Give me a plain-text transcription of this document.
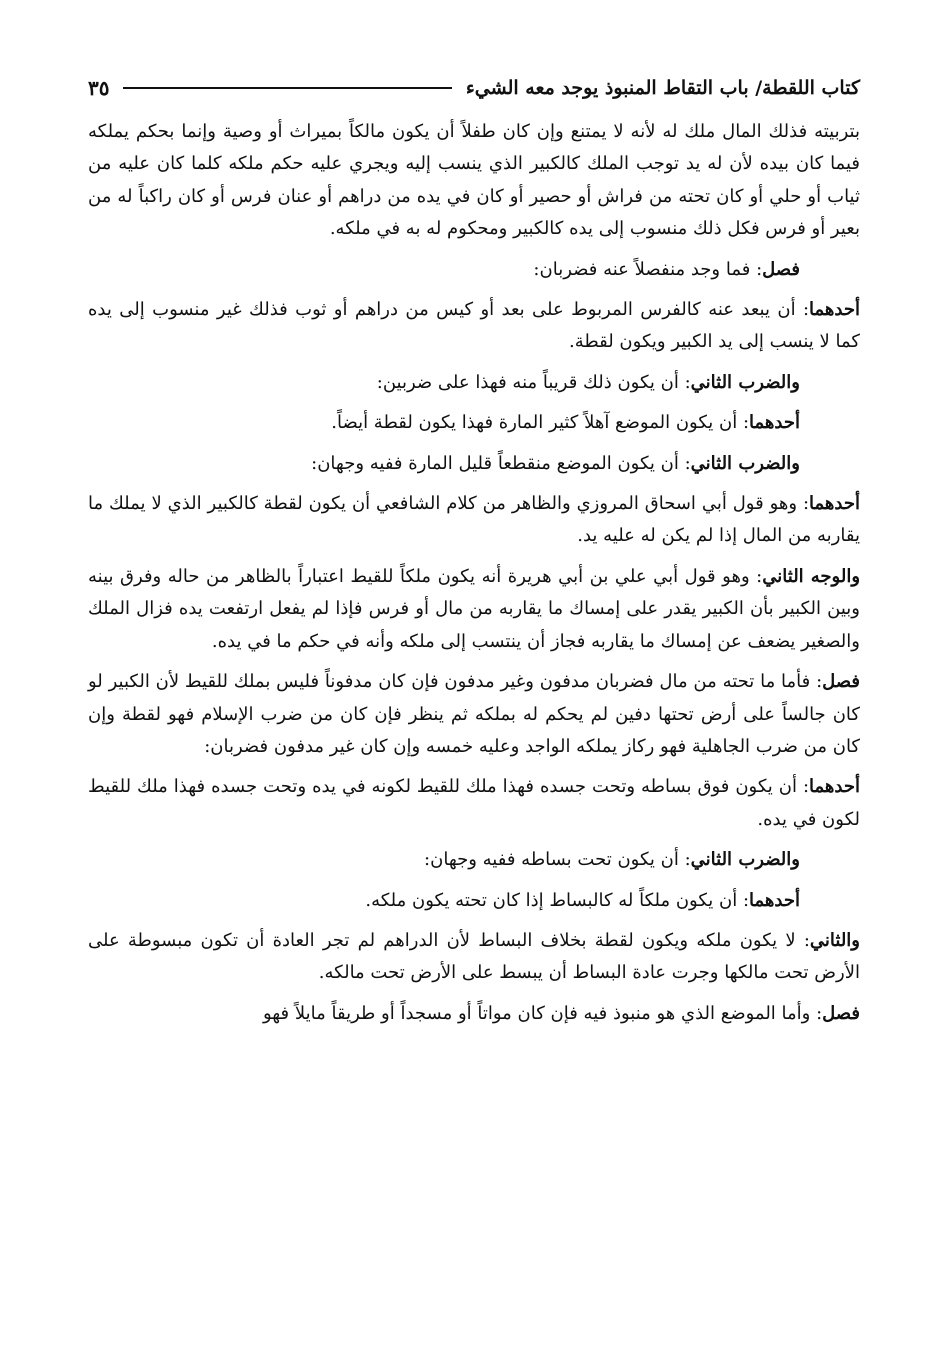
كتاب اللقطة/ باب التقاط المنبوذ يوجد معه الشيء
٣٥

بتربيته فذلك المال ملك له لأنه لا يمتنع وإن كان طفلاً أن يكون مالكاً بميراث أو وصية وإنما بحكم يملكه فيما كان بيده لأن له يد توجب الملك كالكبير الذي ينسب إليه ويجري عليه حكم ملكه كلما كان عليه من ثياب أو حلي أو كان تحته من فراش أو حصير أو كان في يده من دراهم أو عنان فرس أو كان راكباً له من بعير أو فرس فكل ذلك منسوب إلى يده كالكبير ومحكوم له به في ملكه.

فصل: فما وجد منفصلاً عنه فضربان:

أحدهما: أن يبعد عنه كالفرس المربوط على بعد أو كيس من دراهم أو ثوب فذلك غير منسوب إلى يده كما لا ينسب إلى يد الكبير ويكون لقطة.

والضرب الثاني: أن يكون ذلك قريباً منه فهذا على ضربين:

أحدهما: أن يكون الموضع آهلاً كثير المارة فهذا يكون لقطة أيضاً.

والضرب الثاني: أن يكون الموضع منقطعاً قليل المارة ففيه وجهان:

أحدهما: وهو قول أبي اسحاق المروزي والظاهر من كلام الشافعي أن يكون لقطة كالكبير الذي لا يملك ما يقاربه من المال إذا لم يكن له عليه يد.

والوجه الثاني: وهو قول أبي علي بن أبي هريرة أنه يكون ملكاً للقيط اعتباراً بالظاهر من حاله وفرق بينه وبين الكبير بأن الكبير يقدر على إمساك ما يقاربه من مال أو فرس فإذا لم يفعل ارتفعت يده فزال الملك والصغير يضعف عن إمساك ما يقاربه فجاز أن ينتسب إلى ملكه وأنه في حكم ما في يده.

فصل: فأما ما تحته من مال فضربان مدفون وغير مدفون فإن كان مدفوناً فليس بملك للقيط لأن الكبير لو كان جالساً على أرض تحتها دفين لم يحكم له بملكه ثم ينظر فإن كان من ضرب الإسلام فهو لقطة وإن كان من ضرب الجاهلية فهو ركاز يملكه الواجد وعليه خمسه وإن كان غير مدفون فضربان:

أحدهما: أن يكون فوق بساطه وتحت جسده فهذا ملك للقيط لكونه في يده وتحت جسده فهذا ملك للقيط لكون في يده.

والضرب الثاني: أن يكون تحت بساطه ففيه وجهان:

أحدهما: أن يكون ملكاً له كالبساط إذا كان تحته يكون ملكه.

والثاني: لا يكون ملكه ويكون لقطة بخلاف البساط لأن الدراهم لم تجر العادة أن تكون مبسوطة على الأرض تحت مالكها وجرت عادة البساط أن يبسط على الأرض تحت مالكه.

فصل: وأما الموضع الذي هو منبوذ فيه فإن كان مواتاً أو مسجداً أو طريقاً مايلاً فهو
